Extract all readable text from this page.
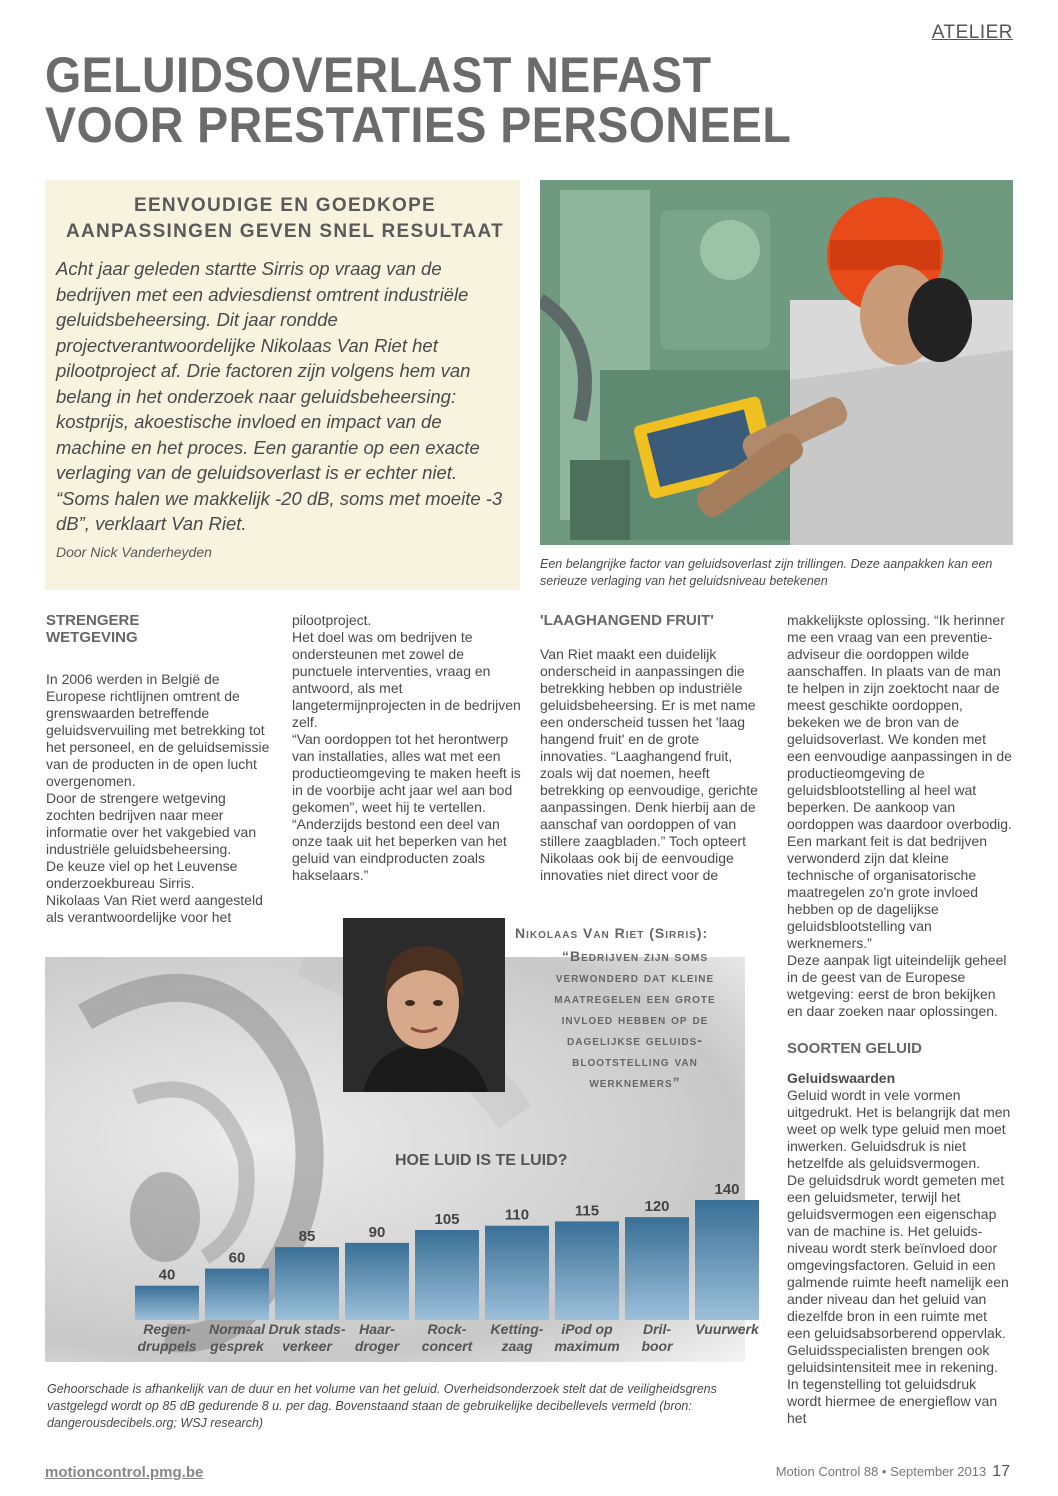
ATELIER
GELUIDSOVERLAST NEFAST
VOOR PRESTATIES PERSONEEL
EENVOUDIGE EN GOEDKOPE
AANPASSINGEN GEVEN SNEL RESULTAAT
Acht jaar geleden startte Sirris op vraag van de bedrijven met een adviesdienst omtrent industriële geluidsbeheersing. Dit jaar rondde projectverantwoordelijke Nikolaas Van Riet het pilootproject af. Drie factoren zijn volgens hem van belang in het onderzoek naar geluidsbeheersing: kostprijs, akoestische invloed en impact van de machine en het proces. Een garantie op een exacte verlaging van de geluidsoverlast is er echter niet. “Soms halen we makkelijk -20 dB, soms met moeite -3 dB”, verklaart Van Riet.
Door Nick Vanderheyden
Een belangrijke factor van geluidsoverlast zijn trillingen. Deze aanpakken kan een serieuze verlaging van het geluidsniveau betekenen
STRENGERE WETGEVING

In 2006 werden in België de Europese richtlijnen omtrent de grenswaarden betreffende geluidsvervuiling met betrekking tot het personeel, en de geluidsemissie van de producten in de open lucht overgenomen.

Door de strengere wetgeving zochten bedrijven naar meer informatie over het vakgebied van industriële geluidsbeheersing.

De keuze viel op het Leuvense onderzoekbureau Sirris.

Nikolaas Van Riet werd aangesteld als verantwoordelijke voor het

pilootproject.

Het doel was om bedrijven te ondersteunen met zowel de punctuele interventies, vraag en antwoord, als met langetermijnprojecten in de bedrijven zelf.

“Van oordoppen tot het herontwerp van installaties, alles wat met een productieomgeving te maken heeft is in de voorbije acht jaar wel aan bod gekomen”, weet hij te vertellen.

“Anderzijds bestond een deel van onze taak uit het beperken van het geluid van eindproducten zoals hakselaars.”

'LAAGHANGEND FRUIT'

Van Riet maakt een duidelijk onderscheid in aanpassingen die betrekking hebben op industriële geluidsbeheersing. Er is met name een onderscheid tussen het 'laag hangend fruit' en de grote innovaties. “Laaghangend fruit, zoals wij dat noemen, heeft betrekking op eenvoudige, gerichte aanpassingen. Denk hierbij aan de aanschaf van oordoppen of van stillere zaagbladen.” Toch opteert Nikolaas ook bij de eenvoudige innovaties niet direct voor de

makkelijkste oplossing. “Ik herinner me een vraag van een preventie-adviseur die oordoppen wilde aanschaffen. In plaats van de man te helpen in zijn zoektocht naar de meest geschikte oordoppen, bekeken we de bron van de geluidsoverlast. We konden met een eenvoudige aanpassingen in de productieomgeving de geluidsblootstelling al heel wat beperken. De aankoop van oordoppen was daardoor overbodig. Een markant feit is dat bedrijven verwonderd zijn dat kleine technische of organisatorische maatregelen zo'n grote invloed hebben op de dagelijkse geluidsblootstelling van werknemers.”

Deze aanpak ligt uiteindelijk geheel in de geest van de Europese wetgeving: eerst de bron bekijken en daar zoeken naar oplossingen.

SOORTEN GELUID
Geluidswaarden

Geluid wordt in vele vormen uitgedrukt. Het is belangrijk dat men weet op welk type geluid men moet inwerken. Geluidsdruk is niet hetzelfde als geluidsvermogen.

De geluidsdruk wordt gemeten met een geluidsmeter, terwijl het geluidsvermogen een eigenschap van de machine is. Het geluids-niveau wordt sterk beïnvloed door omgevingsfactoren. Geluid in een galmende ruimte heeft namelijk een ander niveau dan het geluid van diezelfde bron in een ruimte met een geluidsabsorberend oppervlak. Geluidsspecialisten brengen ook geluidsintensiteit mee in rekening. In tegenstelling tot geluidsdruk wordt hiermee de energieflow van het

Nikolaas Van Riet (Sirris):
“Bedrijven zijn soms verwonderd dat kleine maatregelen een grote invloed hebben op de dagelijkse geluids-blootstelling van werknemers”
HOE LUID IS TE LUID?
40
Regen-
druppels
60
Normaal
gesprek
85
Druk stads-
verkeer
90
Haar-
droger
105
Rock-
concert
110
Ketting-
zaag
115
iPod op
maximum
120
Dril-
boor
140
Vuurwerk
Gehoorschade is afhankelijk van de duur en het volume van het geluid. Overheidsonderzoek stelt dat de veiligheidsgrens vastgelegd wordt op 85 dB gedurende 8 u. per dag. Bovenstaand staan de gebruikelijke decibellevels vermeld (bron: dangerousdecibels.org; WSJ research)
motioncontrol.pmg.be	Motion Control 88 • September 2013 17
